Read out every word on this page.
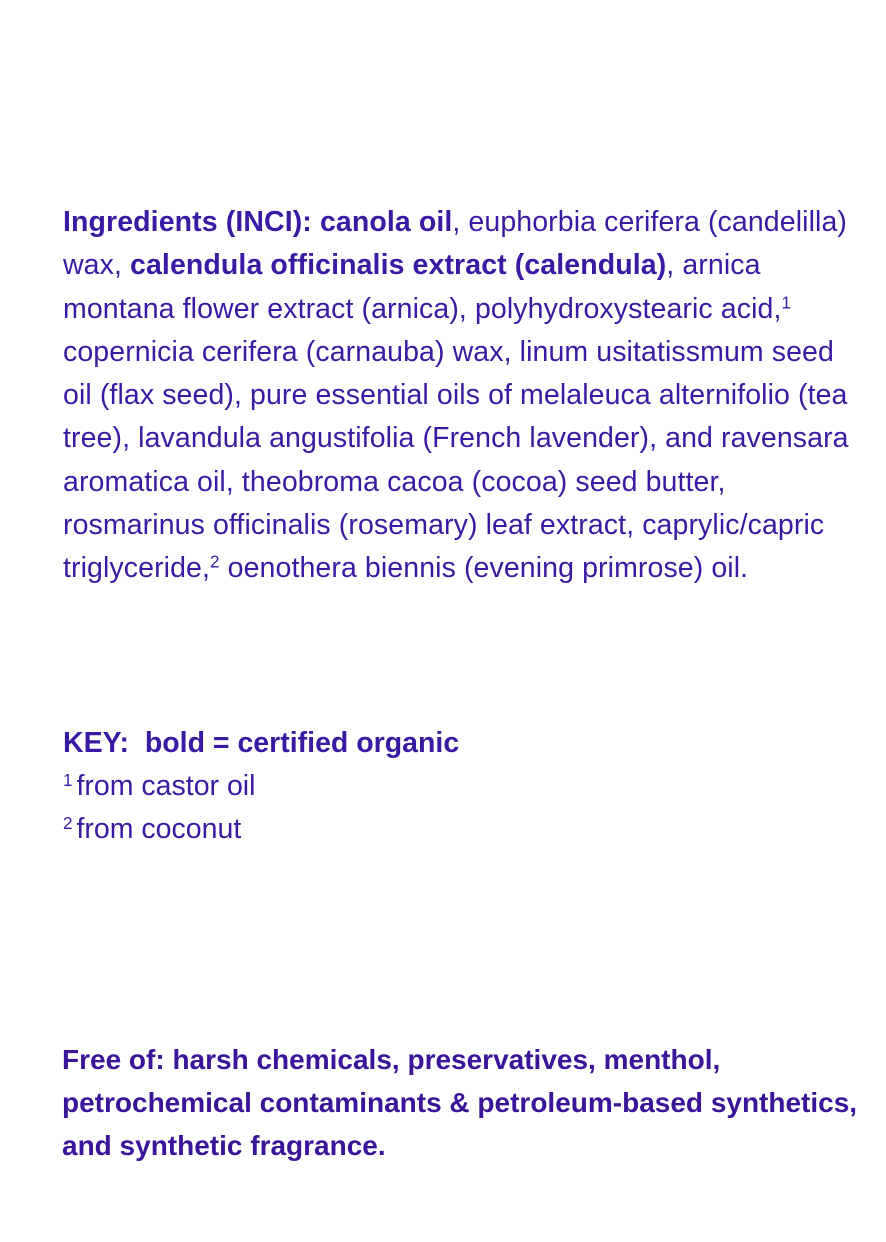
Ingredients (INCI): canola oil, euphorbia cerifera (candelilla) wax, calendula officinalis extract (calendula), arnica montana flower extract (arnica), polyhydroxystearic acid,$^1$ copernicia cerifera (carnauba) wax, linum usitatissmum seed oil (flax seed), pure essential oils of melaleuca alternifolio (tea tree), lavandula angustifolia (French lavender), and ravensara aromatica oil, theobroma cacoa (cocoa) seed butter, rosmarinus officinalis (rosemary) leaf extract, caprylic/capric triglyceride,$^2$ oenothera biennis (evening primrose) oil.
KEY: bold = certified organic
$^1$ from castor oil
$^2$ from coconut
Free of: harsh chemicals, preservatives, menthol, petrochemical contaminants & petroleum-based synthetics, and synthetic fragrance.
